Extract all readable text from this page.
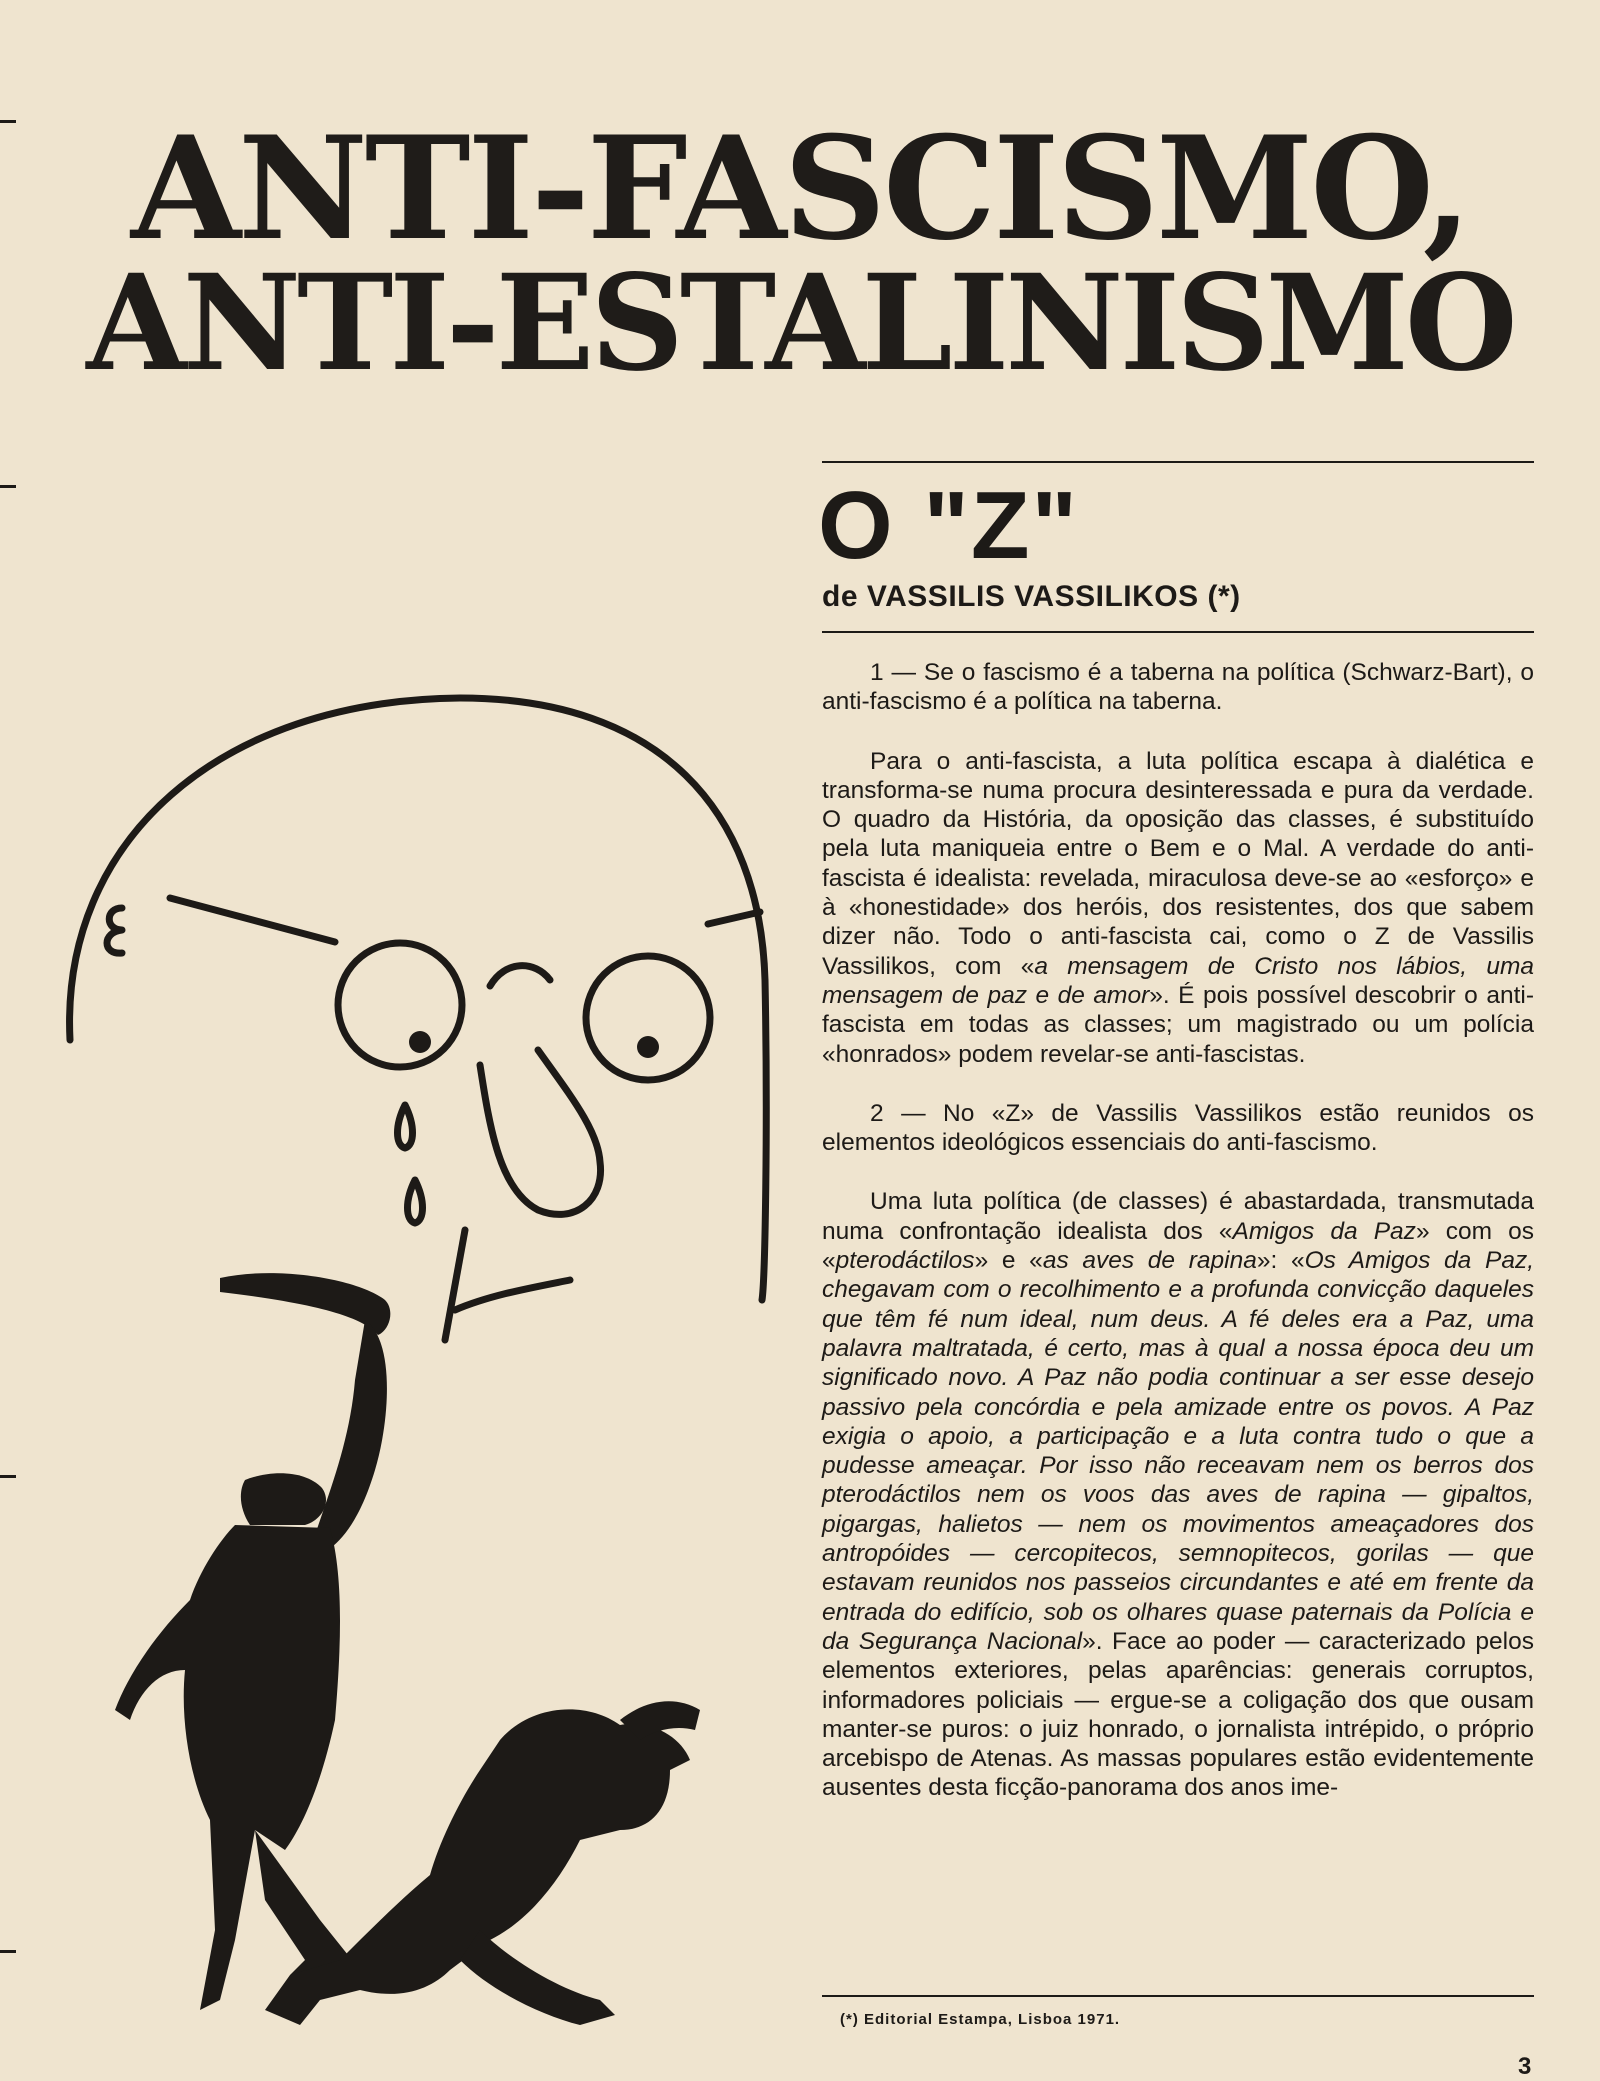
ANTI-FASCISMO,
ANTI-ESTALINISMO
O "Z"
de VASSILIS VASSILIKOS (*)

1 — Se o fascismo é a taberna na política (Schwarz-Bart), o anti-fascismo é a política na taberna.

Para o anti-fascista, a luta política escapa à dialética e transforma-se numa procura desinteressada e pura da verdade. O quadro da História, da oposição das classes, é substituído pela luta maniqueia entre o Bem e o Mal. A verdade do anti-fascista é idealista: revelada, miraculosa deve-se ao «esforço» e à «honestidade» dos heróis, dos resistentes, dos que sabem dizer não. Todo o anti-fascista cai, como o Z de Vassilis Vassilikos, com «a mensagem de Cristo nos lábios, uma mensagem de paz e de amor». É pois possível descobrir o anti-fascista em todas as classes; um magistrado ou um polícia «honrados» podem revelar-se anti-fascistas.

2 — No «Z» de Vassilis Vassilikos estão reunidos os elementos ideológicos essenciais do anti-fascismo.

Uma luta política (de classes) é abastardada, transmutada numa confrontação idealista dos «Amigos da Paz» com os «pterodáctilos» e «as aves de rapina»: «Os Amigos da Paz, chegavam com o recolhimento e a profunda convicção daqueles que têm fé num ideal, num deus. A fé deles era a Paz, uma palavra maltratada, é certo, mas à qual a nossa época deu um significado novo. A Paz não podia continuar a ser esse desejo passivo pela concórdia e pela amizade entre os povos. A Paz exigia o apoio, a participação e a luta contra tudo o que a pudesse ameaçar. Por isso não receavam nem os berros dos pterodáctilos nem os voos das aves de rapina — gipaltos, pigargas, halietos — nem os movimentos ameaçadores dos antropóides — cercopitecos, semnopitecos, gorilas — que estavam reunidos nos passeios circundantes e até em frente da entrada do edifício, sob os olhares quase paternais da Polícia e da Segurança Nacional». Face ao poder — caracterizado pelos elementos exteriores, pelas aparências: generais corruptos, informadores policiais — ergue-se a coligação dos que ousam manter-se puros: o juiz honrado, o jornalista intrépido, o próprio arcebispo de Atenas. As massas populares estão evidentemente ausentes desta ficção-panorama dos anos ime-

(*) Editorial Estampa, Lisboa 1971.
3
